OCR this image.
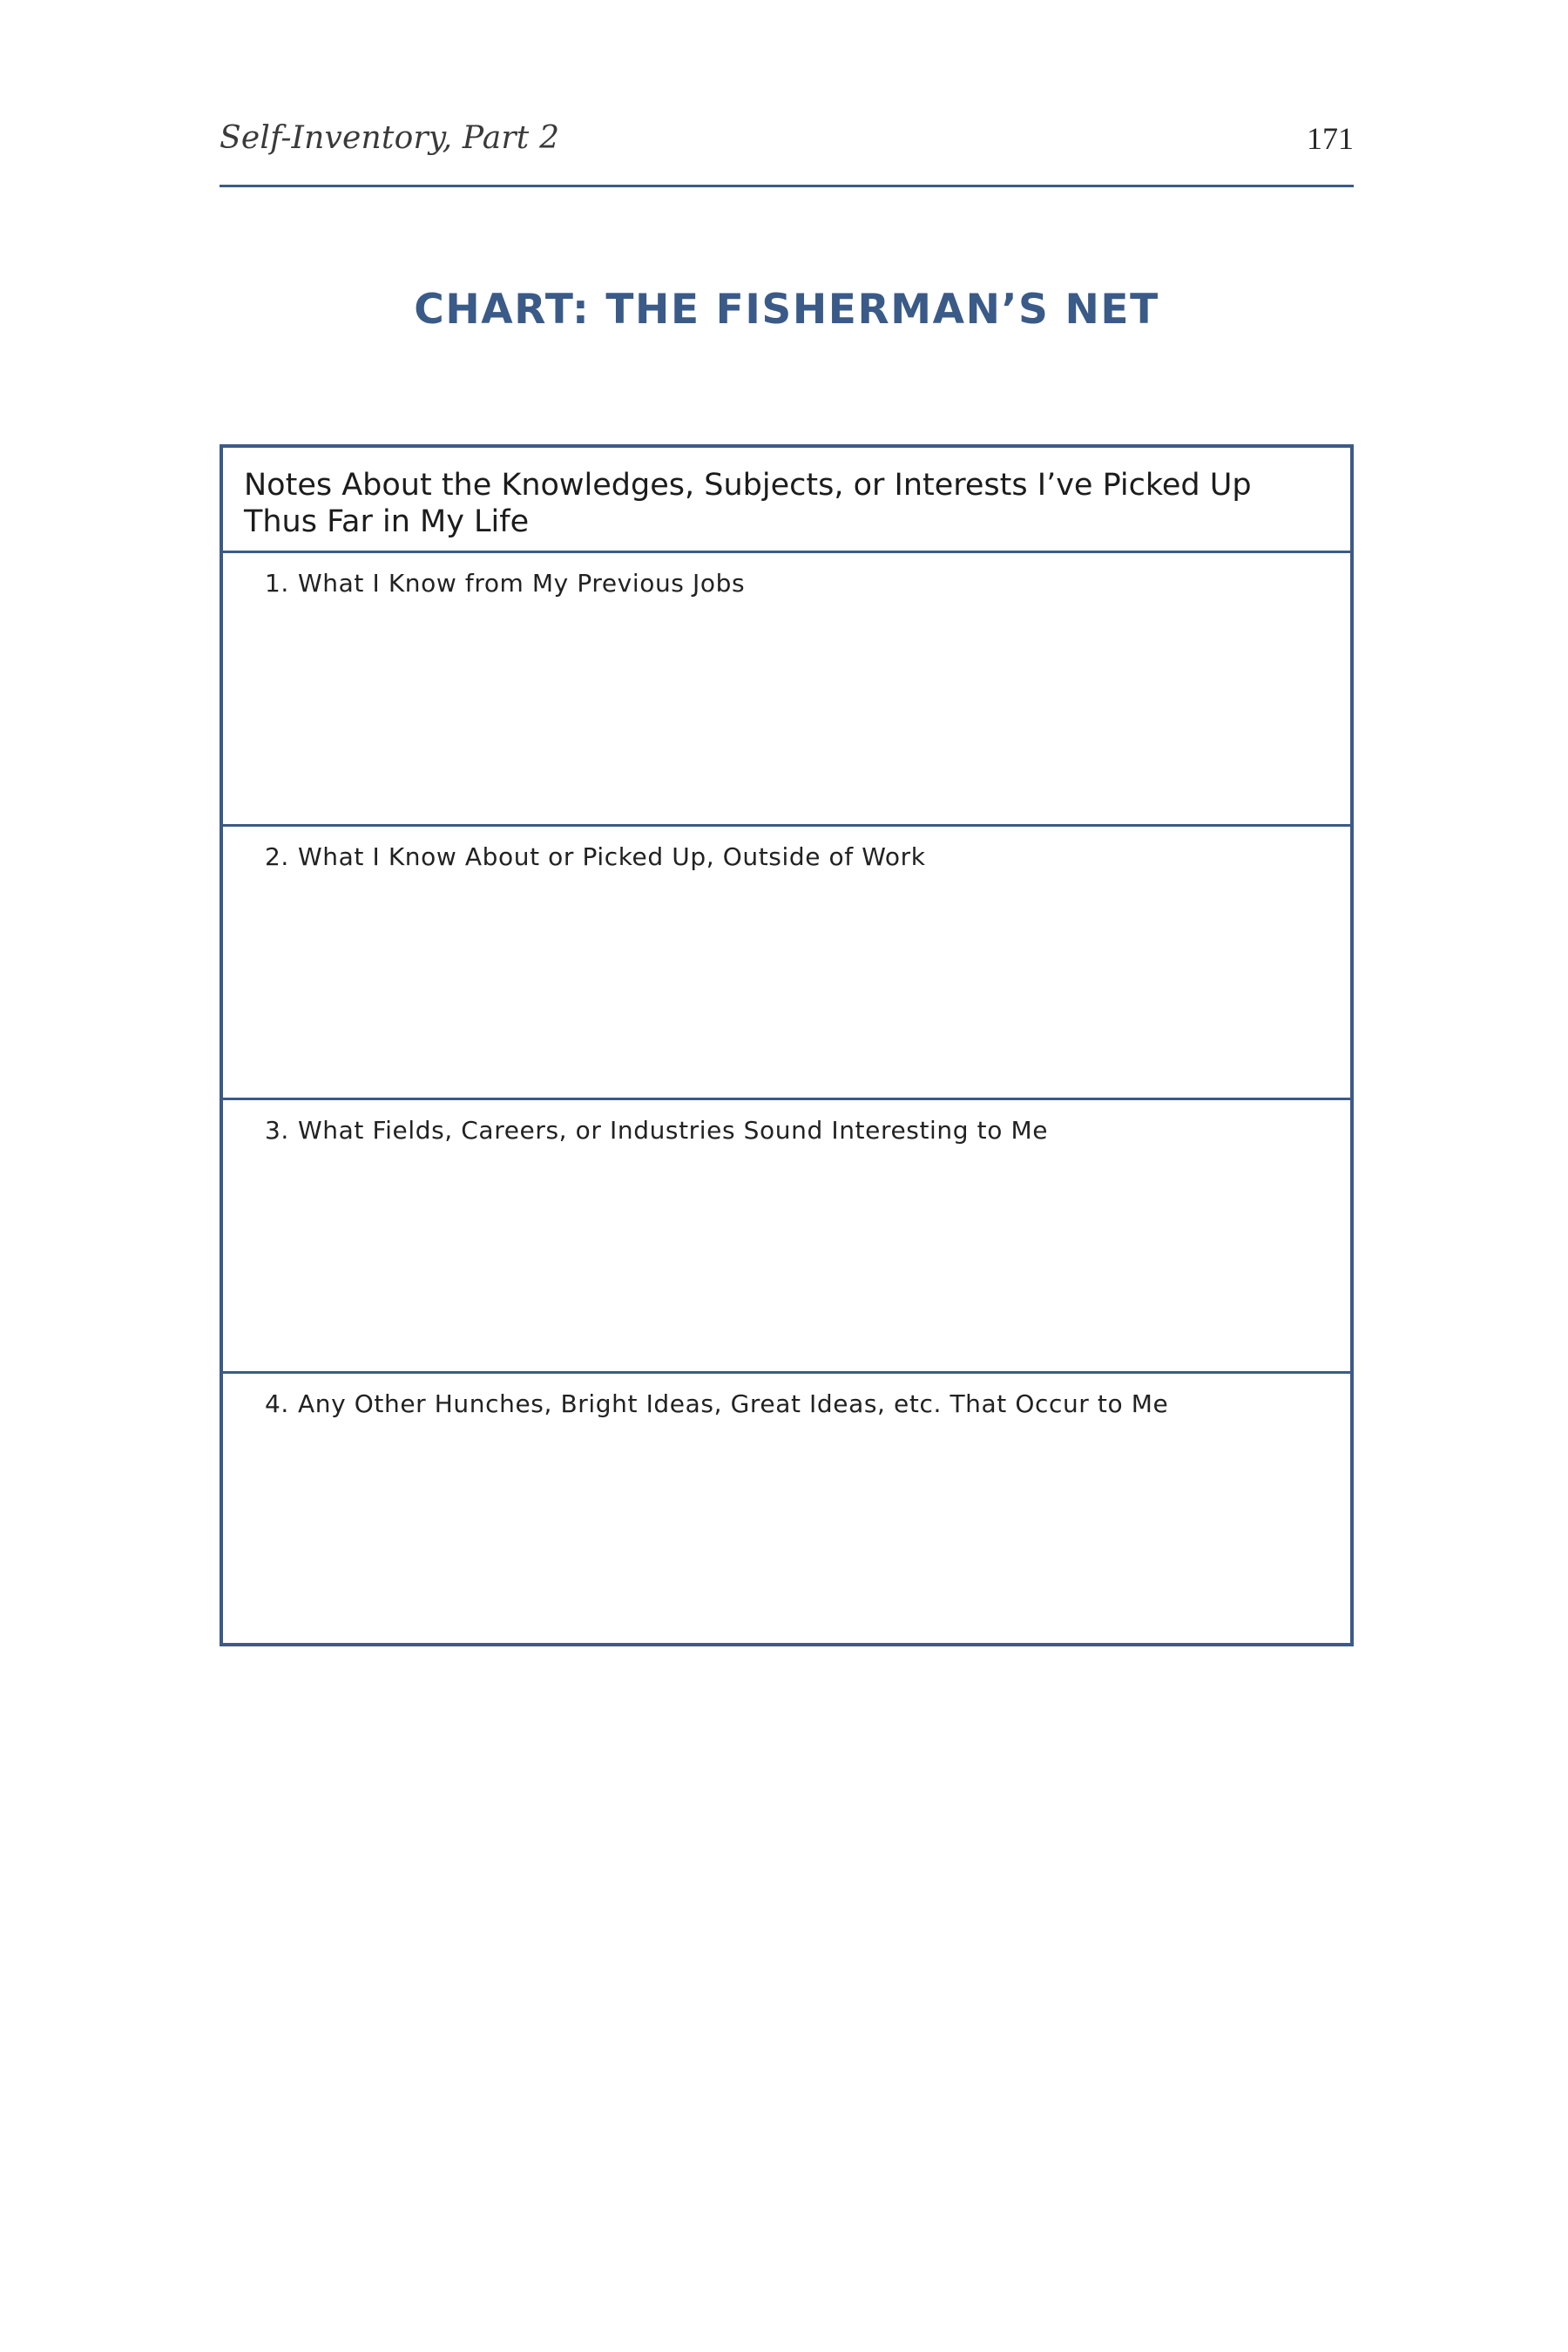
Self-Inventory, Part 2	171
CHART: THE FISHERMAN’S NET
Notes About the Knowledges, Subjects, or Interests I’ve Picked Up
Thus Far in My Life
1. What I Know from My Previous Jobs
2. What I Know About or Picked Up, Outside of Work
3. What Fields, Careers, or Industries Sound Interesting to Me
4. Any Other Hunches, Bright Ideas, Great Ideas, etc. That Occur to Me
